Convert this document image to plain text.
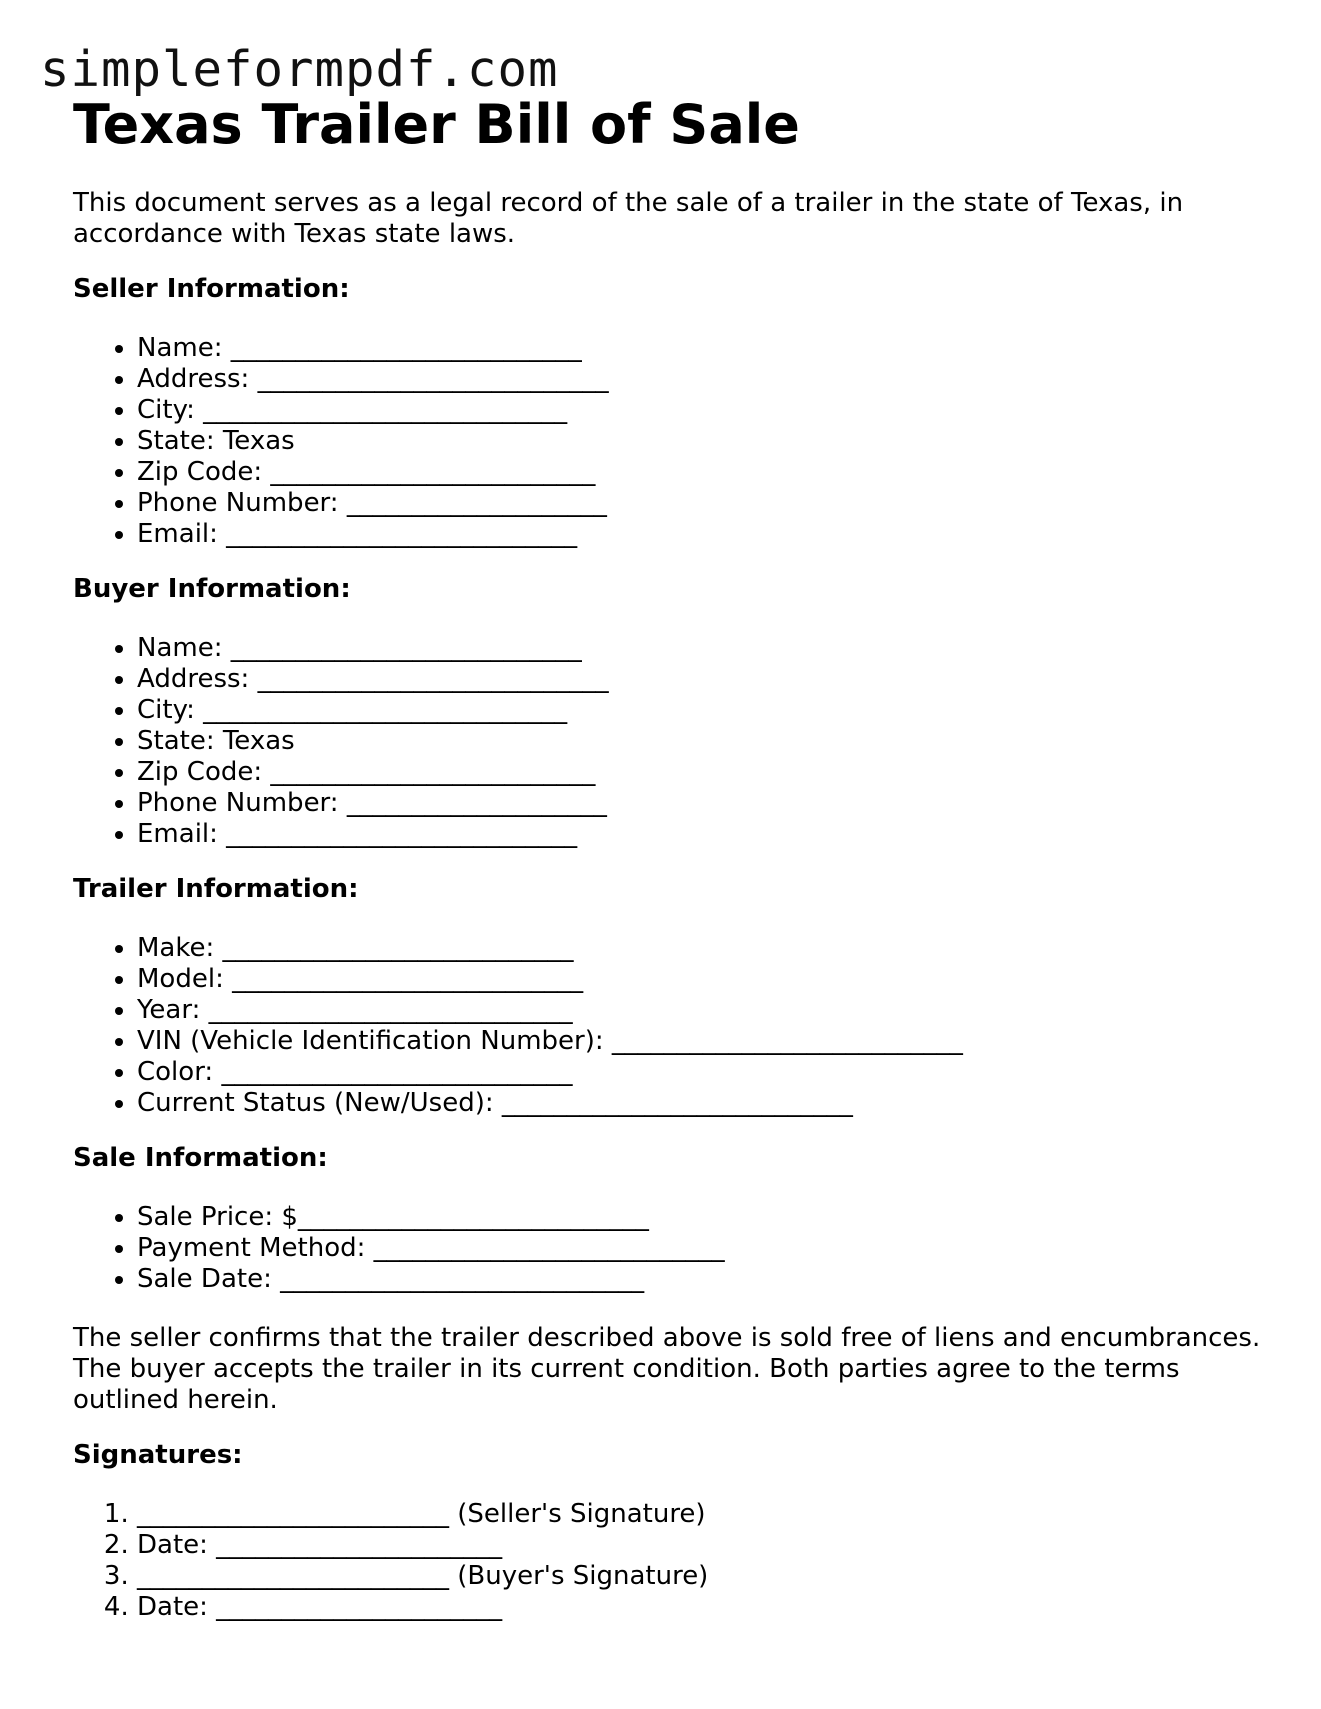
simpleformpdf.com
Texas Trailer Bill of Sale

This document serves as a legal record of the sale of a trailer in the state of Texas, in accordance with Texas state laws.

Seller Information:
• Name: ___________________________
• Address: ___________________________
• City: ____________________________
• State: Texas
• Zip Code: _________________________
• Phone Number: ____________________
• Email: ___________________________
Buyer Information:
• Name: ___________________________
• Address: ___________________________
• City: ____________________________
• State: Texas
• Zip Code: _________________________
• Phone Number: ____________________
• Email: ___________________________
Trailer Information:
• Make: ___________________________
• Model: ___________________________
• Year: ____________________________
• VIN (Vehicle Identification Number): ___________________________
• Color: ___________________________
• Current Status (New/Used): ___________________________
Sale Information:
• Sale Price: $___________________________
• Payment Method: ___________________________
• Sale Date: ____________________________

The seller confirms that the trailer described above is sold free of liens and encumbrances. The buyer accepts the trailer in its current condition. Both parties agree to the terms outlined herein.

Signatures:
1. ________________________ (Seller's Signature)
2. Date: ______________________
3. ________________________ (Buyer's Signature)
4. Date: ______________________
